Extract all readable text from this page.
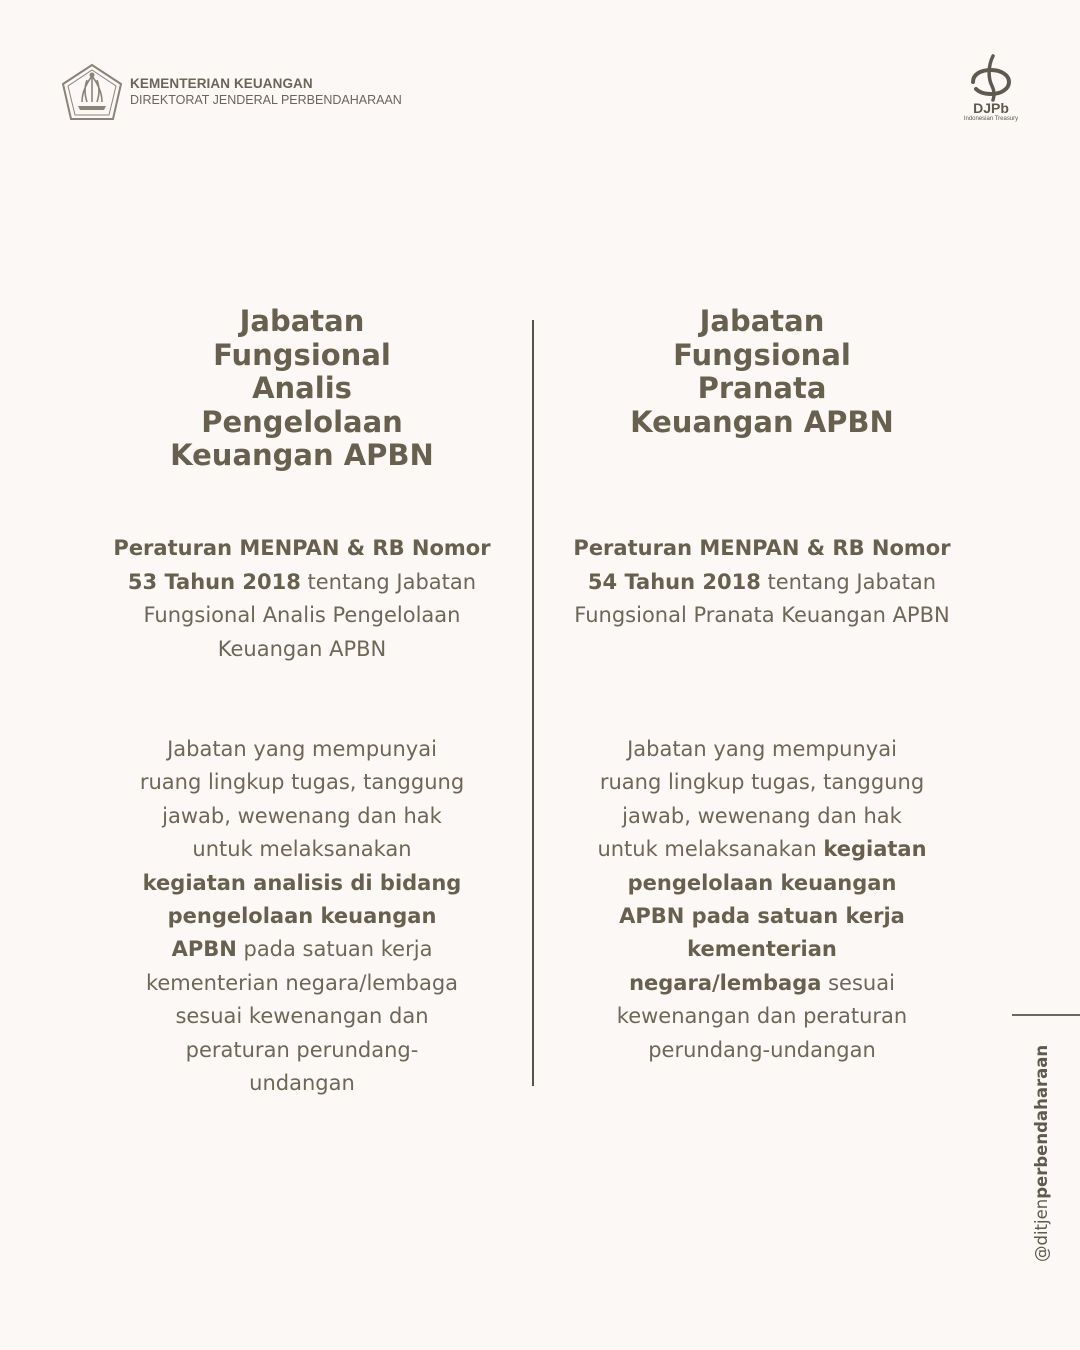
KEMENTERIAN KEUANGAN
DIREKTORAT JENDERAL PERBENDAHARAAN	DJPb
Indonesian Treasury
Jabatan
Fungsional
Analis
Pengelolaan
Keuangan APBN
Peraturan MENPAN & RB Nomor 53 Tahun 2018 tentang Jabatan Fungsional Analis Pengelolaan Keuangan APBN
Jabatan yang mempunyai ruang lingkup tugas, tanggung jawab, wewenang dan hak untuk melaksanakan kegiatan analisis di bidang pengelolaan keuangan APBN pada satuan kerja kementerian negara/lembaga sesuai kewenangan dan peraturan perundang-undangan
Jabatan
Fungsional
Pranata
Keuangan APBN
Peraturan MENPAN & RB Nomor 54 Tahun 2018 tentang Jabatan Fungsional Pranata Keuangan APBN
Jabatan yang mempunyai ruang lingkup tugas, tanggung jawab, wewenang dan hak untuk melaksanakan kegiatan pengelolaan keuangan APBN pada satuan kerja kementerian negara/lembaga sesuai kewenangan dan peraturan perundang-undangan
@ditjenperbendaharaan
